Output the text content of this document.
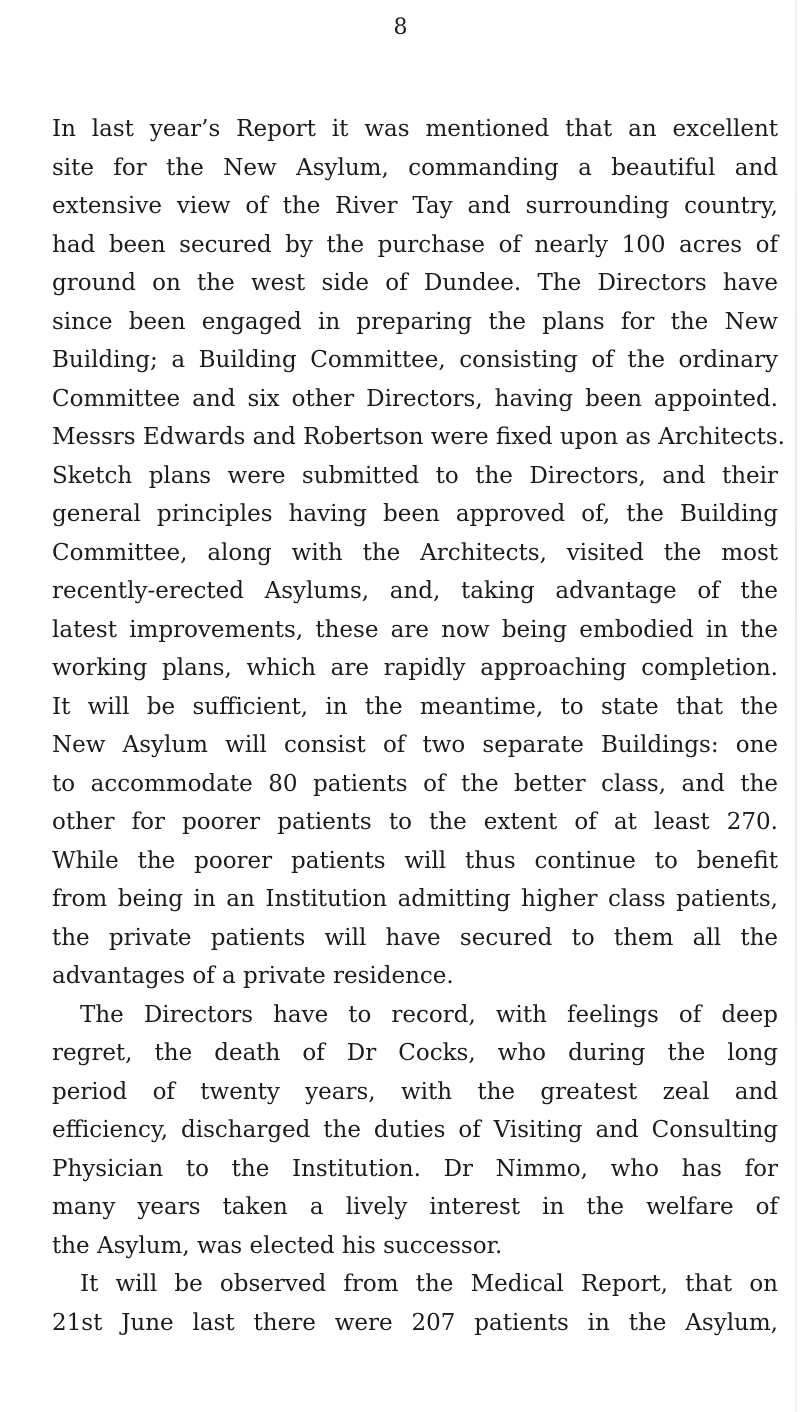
8

In last year’s Report it was mentioned that an excellent
site for the New Asylum, commanding a beautiful and
extensive view of the River Tay and surrounding country,
had been secured by the purchase of nearly 100 acres of
ground on the west side of Dundee. The Directors have
since been engaged in preparing the plans for the New
Building; a Building Committee, consisting of the ordinary
Committee and six other Directors, having been appointed.
Messrs Edwards and Robertson were fixed upon as Architects.
Sketch plans were submitted to the Directors, and their
general principles having been approved of, the Building
Committee, along with the Architects, visited the most
recently-erected Asylums, and, taking advantage of the
latest improvements, these are now being embodied in the
working plans, which are rapidly approaching completion.
It will be sufficient, in the meantime, to state that the
New Asylum will consist of two separate Buildings: one
to accommodate 80 patients of the better class, and the
other for poorer patients to the extent of at least 270.
While the poorer patients will thus continue to benefit
from being in an Institution admitting higher class patients,
the private patients will have secured to them all the
advantages of a private residence.

The Directors have to record, with feelings of deep
regret, the death of Dr Cocks, who during the long
period of twenty years, with the greatest zeal and
efficiency, discharged the duties of Visiting and Consulting
Physician to the Institution. Dr Nimmo, who has for
many years taken a lively interest in the welfare of
the Asylum, was elected his successor.

It will be observed from the Medical Report, that on
21st June last there were 207 patients in the Asylum,
